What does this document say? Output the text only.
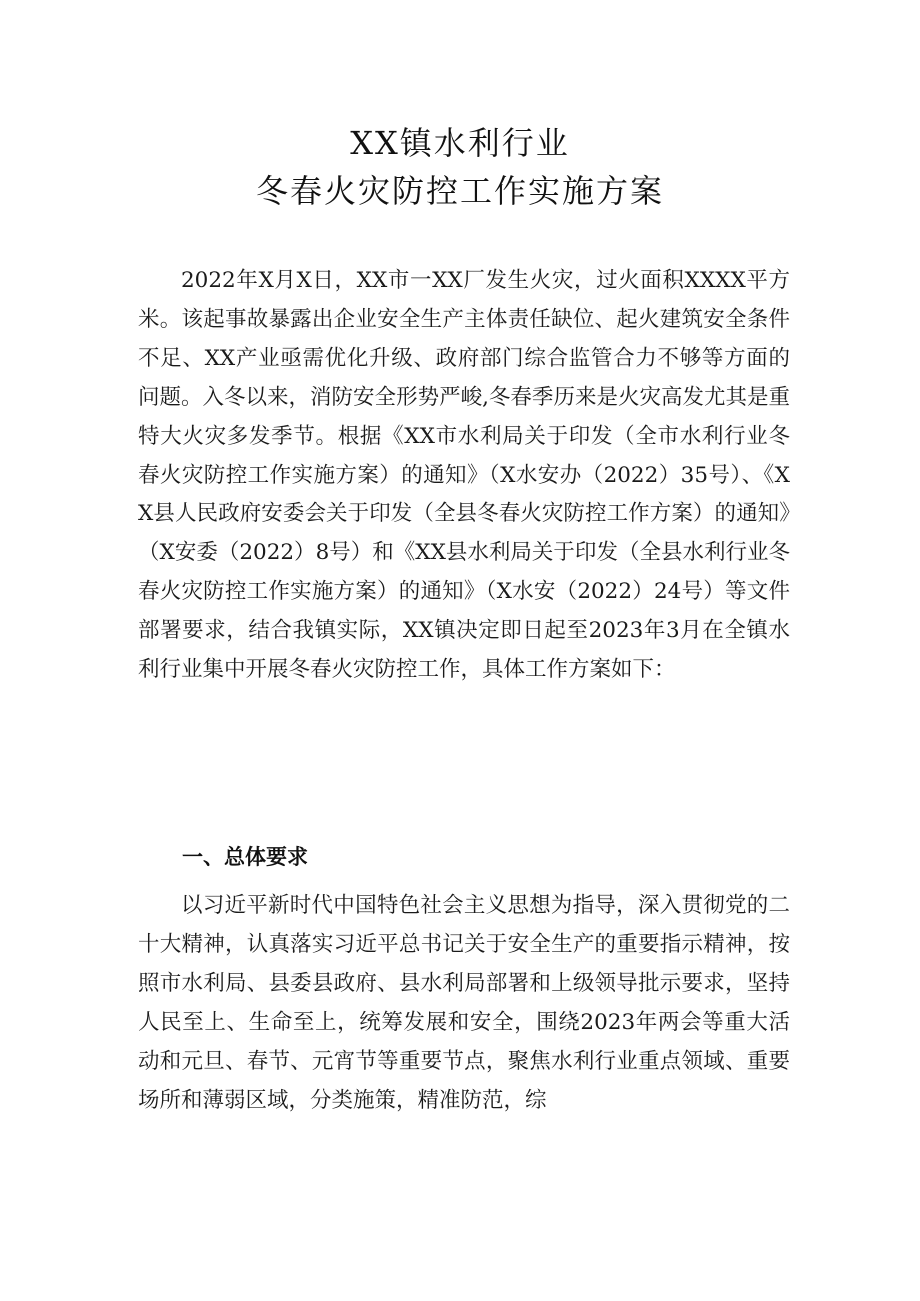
XX镇水利行业
冬春火灾防控工作实施方案
2022年X月X日，XX市一XX厂发生火灾，过火面积XXXX平方米。该起事故暴露出企业安全生产主体责任缺位、起火建筑安全条件不足、XX产业亟需优化升级、政府部门综合监管合力不够等方面的问题。入冬以来，消防安全形势严峻,冬春季历来是火灾高发尤其是重特大火灾多发季节。根据《XX市水利局关于印发（全市水利行业冬春火灾防控工作实施方案）的通知》（X水安办（2022）35号）、《XX县人民政府安委会关于印发（全县冬春火灾防控工作方案）的通知》（X安委（2022）8号）和《XX县水利局关于印发（全县水利行业冬春火灾防控工作实施方案）的通知》（X水安（2022）24号）等文件部署要求，结合我镇实际，XX镇决定即日起至2023年3月在全镇水利行业集中开展冬春火灾防控工作，具体工作方案如下：
一、总体要求
以习近平新时代中国特色社会主义思想为指导，深入贯彻党的二十大精神，认真落实习近平总书记关于安全生产的重要指示精神，按照市水利局、县委县政府、县水利局部署和上级领导批示要求，坚持人民至上、生命至上，统筹发展和安全，围绕2023年两会等重大活动和元旦、春节、元宵节等重要节点，聚焦水利行业重点领域、重要场所和薄弱区域，分类施策，精准防范，综
